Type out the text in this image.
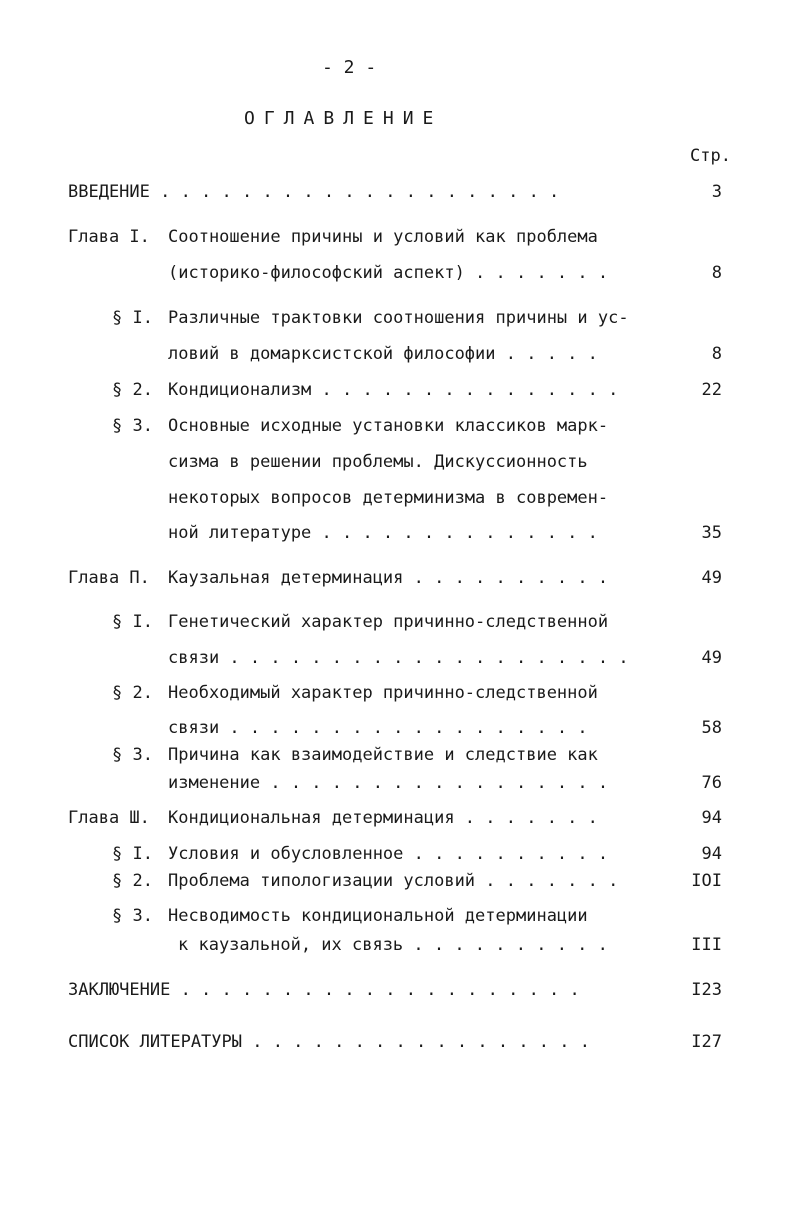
- 2 -
ОГЛАВЛЕНИЕ
Стр.
ВВЕДЕНИЕ . . . . . . . . . . . . . . . . . . . .	3
Глава I. Соотношение причины и условий как проблема
(историко-философский аспект) . . . . . . .	8
§ I. Различные трактовки соотношения причины и ус-
ловий в домарксистской философии . . . . .	8
§ 2. Кондиционализм . . . . . . . . . . . . . . .	22
§ 3. Основные исходные установки классиков марк-
сизма в решении проблемы. Дискуссионность
некоторых вопросов детерминизма в современ-
ной литературе . . . . . . . . . . . . . .	35
Глава П. Каузальная детерминация . . . . . . . . . .	49
§ I. Генетический характер причинно-следственной
связи . . . . . . . . . . . . . . . . . . . .	49
§ 2. Необходимый характер причинно-следственной
связи . . . . . . . . . . . . . . . . . .	58
§ 3. Причина как взаимодействие и следствие как
изменение . . . . . . . . . . . . . . . . .	76
Глава Ш. Кондициональная детерминация . . . . . . .	94
§ I. Условия и обусловленное . . . . . . . . . .	94
§ 2. Проблема типологизации условий . . . . . . .	IOI
§ 3. Несводимость кондициональной детерминации
к каузальной, их связь . . . . . . . . . .	III
ЗАКЛЮЧЕНИЕ . . . . . . . . . . . . . . . . . . . .	I23
СПИСОК ЛИТЕРАТУРЫ . . . . . . . . . . . . . . . . .	I27
